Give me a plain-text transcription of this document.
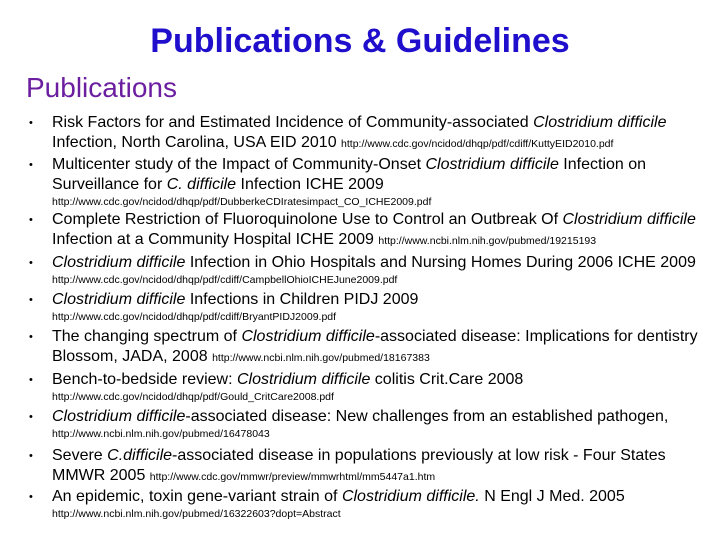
Publications & Guidelines
Publications
• Risk Factors for and Estimated Incidence of Community-associated Clostridium difficile
Infection, North Carolina, USA EID 2010 http://www.cdc.gov/ncidod/dhqp/pdf/cdiff/KuttyEID2010.pdf
• Multicenter study of the Impact of Community-Onset Clostridium difficile Infection on
Surveillance for C. difficile Infection ICHE 2009
http://www.cdc.gov/ncidod/dhqp/pdf/DubberkeCDIratesimpact_CO_ICHE2009.pdf
• Complete Restriction of Fluoroquinolone Use to Control an Outbreak Of Clostridium difficile
Infection at a Community Hospital ICHE 2009 http://www.ncbi.nlm.nih.gov/pubmed/19215193
• Clostridium difficile Infection in Ohio Hospitals and Nursing Homes During 2006 ICHE 2009
http://www.cdc.gov/ncidod/dhqp/pdf/cdiff/CampbellOhioICHEJune2009.pdf
• Clostridium difficile Infections in Children PIDJ 2009
http://www.cdc.gov/ncidod/dhqp/pdf/cdiff/BryantPIDJ2009.pdf
• The changing spectrum of Clostridium difficile-associated disease: Implications for dentistry
Blossom, JADA, 2008 http://www.ncbi.nlm.nih.gov/pubmed/18167383
• Bench-to-bedside review: Clostridium difficile colitis Crit.Care 2008
http://www.cdc.gov/ncidod/dhqp/pdf/Gould_CritCare2008.pdf
• Clostridium difficile-associated disease: New challenges from an established pathogen,
http://www.ncbi.nlm.nih.gov/pubmed/16478043
• Severe C.difficile-associated disease in populations previously at low risk - Four States
MMWR 2005 http://www.cdc.gov/mmwr/preview/mmwrhtml/mm5447a1.htm
• An epidemic, toxin gene-variant strain of Clostridium difficile. N Engl J Med. 2005
http://www.ncbi.nlm.nih.gov/pubmed/16322603?dopt=Abstract
